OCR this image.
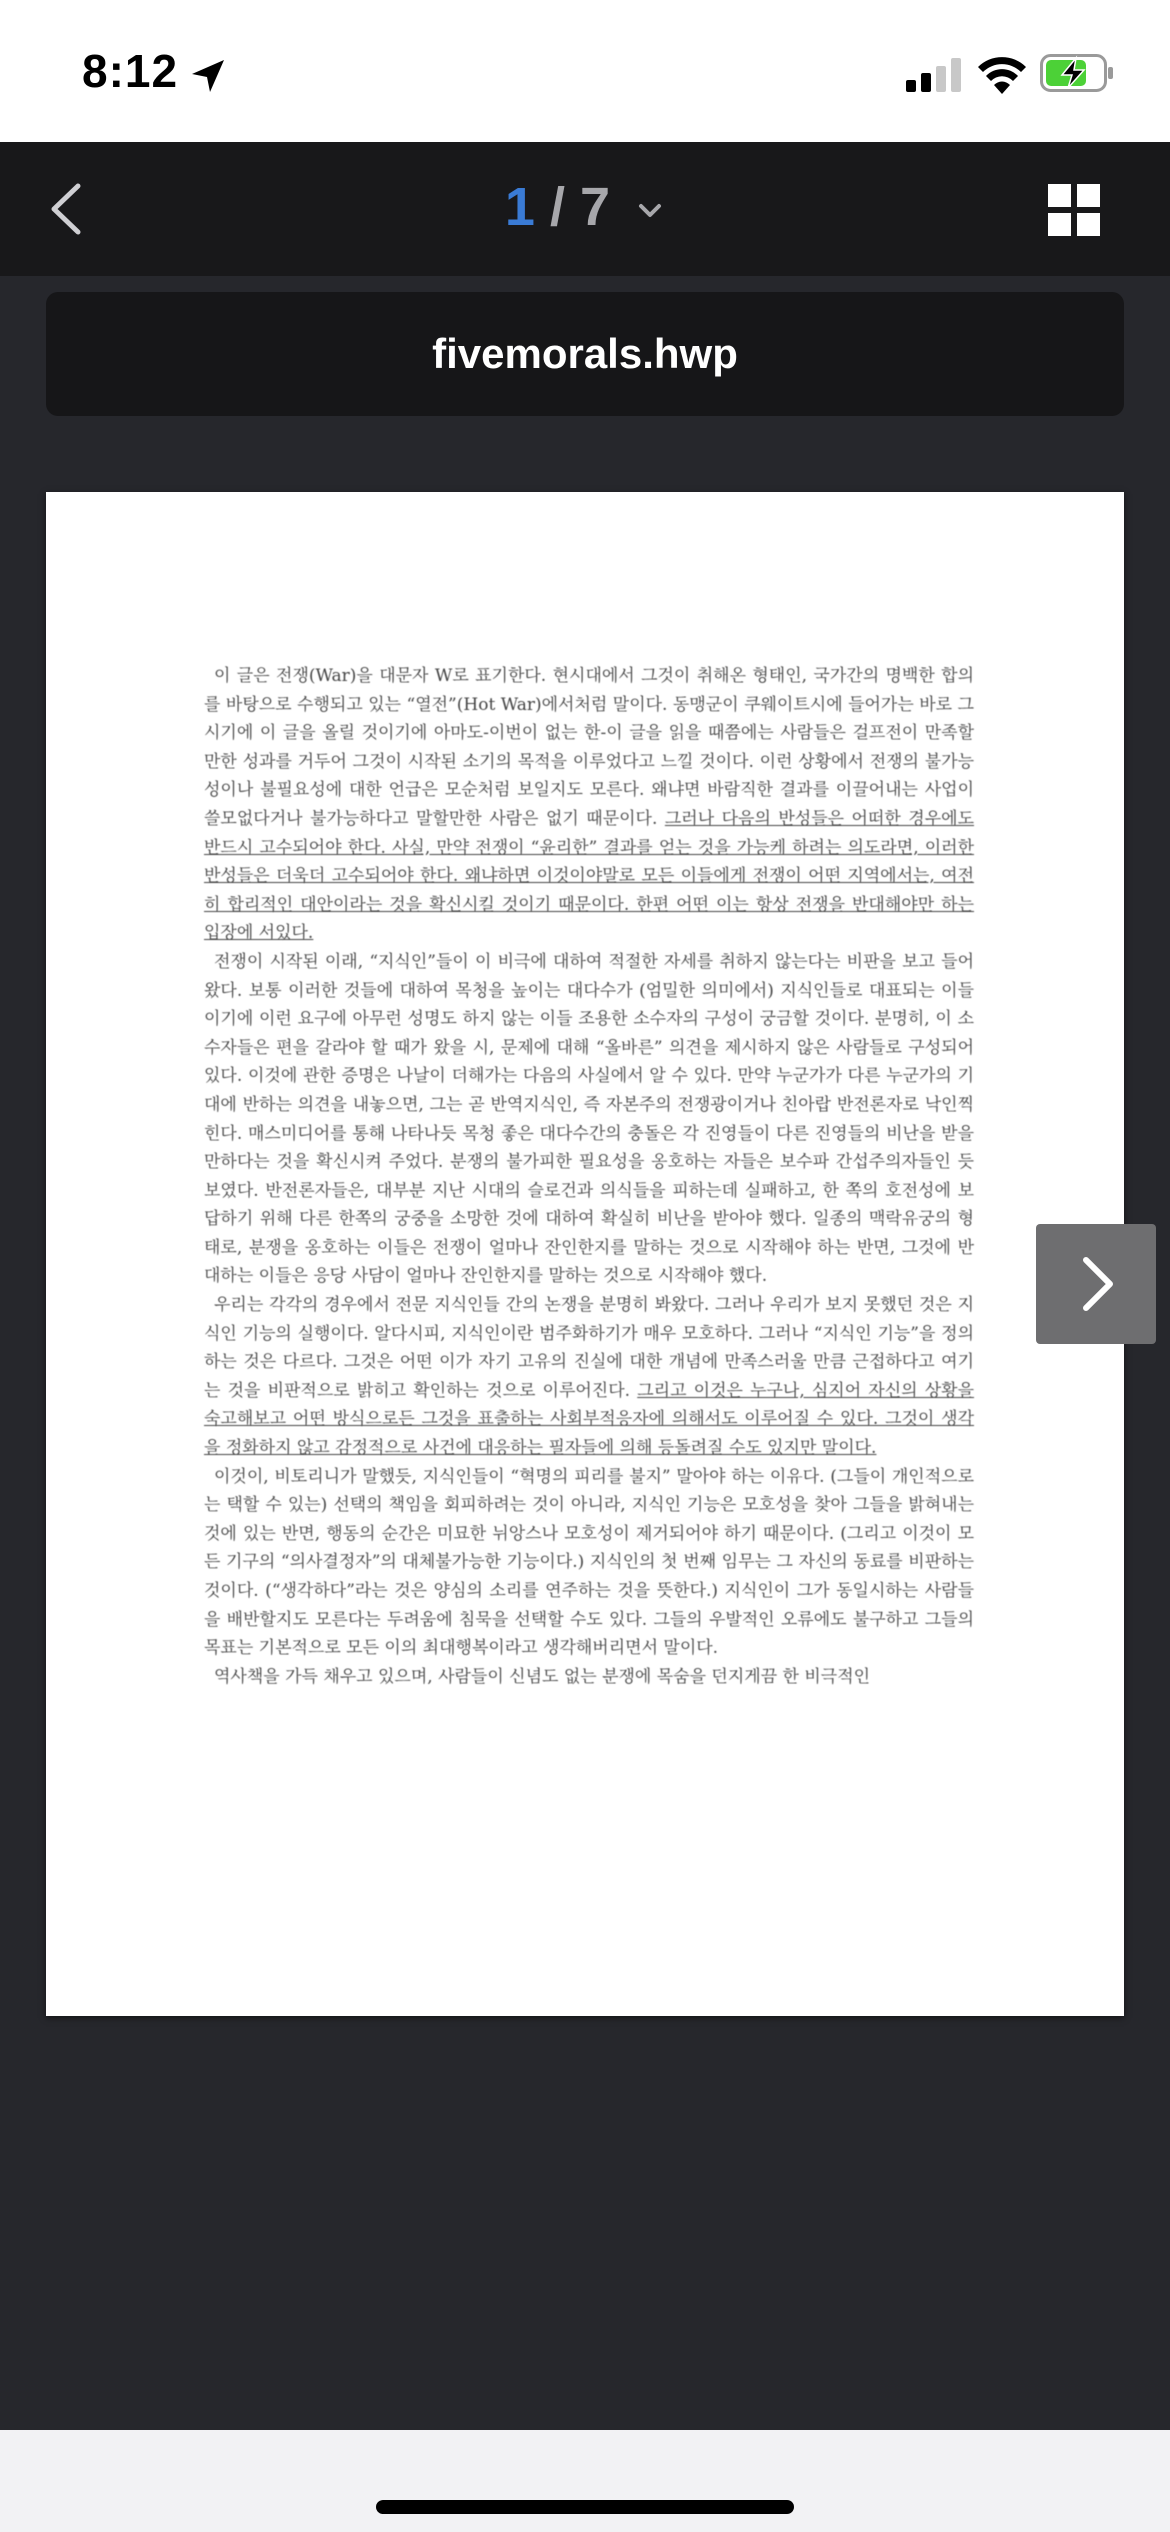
8:12
1 / 7
fivemorals.hwp

이 글은 전쟁(War)을 대문자 W로 표기한다. 현시대에서 그것이 취해온 형태인, 국가간의 명백한 합의를 바탕으로 수행되고 있는 “열전”(Hot War)에서처럼 말이다. 동맹군이 쿠웨이트시에 들어가는 바로 그 시기에 이 글을 올릴 것이기에 아마도-이번이 없는 한-이 글을 읽을 때쯤에는 사람들은 걸프전이 만족할만한 성과를 거두어 그것이 시작된 소기의 목적을 이루었다고 느낄 것이다. 이런 상황에서 전쟁의 불가능성이나 불필요성에 대한 언급은 모순처럼 보일지도 모른다. 왜냐면 바람직한 결과를 이끌어내는 사업이 쓸모없다거나 불가능하다고 말할만한 사람은 없기 때문이다. 그러나 다음의 반성들은 어떠한 경우에도 반드시 고수되어야 한다. 사실, 만약 전쟁이 “윤리한” 결과를 얻는 것을 가능케 하려는 의도라면, 이러한 반성들은 더욱더 고수되어야 한다. 왜냐하면 이것이야말로 모든 이들에게 전쟁이 어떤 지역에서는, 여전히 합리적인 대안이라는 것을 확신시킬 것이기 때문이다. 한편 어떤 이는 항상 전쟁을 반대해야만 하는 입장에 서있다.

전쟁이 시작된 이래, “지식인”들이 이 비극에 대하여 적절한 자세를 취하지 않는다는 비판을 보고 들어왔다. 보통 이러한 것들에 대하여 목청을 높이는 대다수가 (엄밀한 의미에서) 지식인들로 대표되는 이들이기에 이런 요구에 아무런 성명도 하지 않는 이들 조용한 소수자의 구성이 궁금할 것이다. 분명히, 이 소수자들은 편을 갈라야 할 때가 왔을 시, 문제에 대해 “올바른” 의견을 제시하지 않은 사람들로 구성되어 있다. 이것에 관한 증명은 나날이 더해가는 다음의 사실에서 알 수 있다. 만약 누군가가 다른 누군가의 기대에 반하는 의견을 내놓으면, 그는 곧 반역지식인, 즉 자본주의 전쟁광이거나 친아랍 반전론자로 낙인찍힌다. 매스미디어를 통해 나타나듯 목청 좋은 대다수간의 충돌은 각 진영들이 다른 진영들의 비난을 받을 만하다는 것을 확신시켜 주었다. 분쟁의 불가피한 필요성을 옹호하는 자들은 보수파 간섭주의자들인 듯 보였다. 반전론자들은, 대부분 지난 시대의 슬로건과 의식들을 피하는데 실패하고, 한 쪽의 호전성에 보답하기 위해 다른 한쪽의 궁중을 소망한 것에 대하여 확실히 비난을 받아야 했다. 일종의 맥락유궁의 형태로, 분쟁을 옹호하는 이들은 전쟁이 얼마나 잔인한지를 말하는 것으로 시작해야 하는 반면, 그것에 반대하는 이들은 응당 사담이 얼마나 잔인한지를 말하는 것으로 시작해야 했다.

우리는 각각의 경우에서 전문 지식인들 간의 논쟁을 분명히 봐왔다. 그러나 우리가 보지 못했던 것은 지식인 기능의 실행이다. 알다시피, 지식인이란 범주화하기가 매우 모호하다. 그러나 “지식인 기능”을 정의하는 것은 다르다. 그것은 어떤 이가 자기 고유의 진실에 대한 개념에 만족스러울 만큼 근접하다고 여기는 것을 비판적으로 밝히고 확인하는 것으로 이루어진다. 그리고 이것은 누구나, 심지어 자신의 상황을 숙고해보고 어떤 방식으로든 그것을 표출하는 사회부적응자에 의해서도 이루어질 수 있다. 그것이 생각을 정화하지 않고 감정적으로 사건에 대응하는 필자들에 의해 등돌려질 수도 있지만 말이다.

이것이, 비토리니가 말했듯, 지식인들이 “혁명의 피리를 불지” 말아야 하는 이유다. (그들이 개인적으로는 택할 수 있는) 선택의 책임을 회피하려는 것이 아니라, 지식인 기능은 모호성을 찾아 그들을 밝혀내는 것에 있는 반면, 행동의 순간은 미묘한 뉘앙스나 모호성이 제거되어야 하기 때문이다. (그리고 이것이 모든 기구의 “의사결정자”의 대체불가능한 기능이다.) 지식인의 첫 번째 임무는 그 자신의 동료를 비판하는 것이다. (“생각하다”라는 것은 양심의 소리를 연주하는 것을 뜻한다.) 지식인이 그가 동일시하는 사람들을 배반할지도 모른다는 두려움에 침묵을 선택할 수도 있다. 그들의 우발적인 오류에도 불구하고 그들의 목표는 기본적으로 모든 이의 최대행복이라고 생각해버리면서 말이다.

역사책을 가득 채우고 있으며, 사람들이 신념도 없는 분쟁에 목숨을 던지게끔 한 비극적인
